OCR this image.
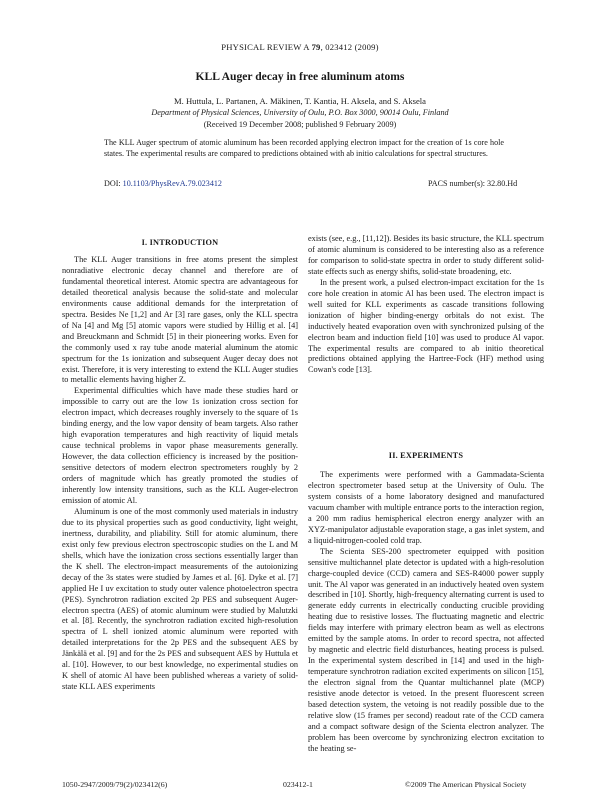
PHYSICAL REVIEW A 79, 023412 (2009)
KLL Auger decay in free aluminum atoms
M. Huttula, L. Partanen, A. Mäkinen, T. Kantia, H. Aksela, and S. Aksela
Department of Physical Sciences, University of Oulu, P.O. Box 3000, 90014 Oulu, Finland
(Received 19 December 2008; published 9 February 2009)
The KLL Auger spectrum of atomic aluminum has been recorded applying electron impact for the creation of 1s core hole states. The experimental results are compared to predictions obtained with ab initio calculations for spectral structures.
DOI: 10.1103/PhysRevA.79.023412	PACS number(s): 32.80.Hd
I. INTRODUCTION

The KLL Auger transitions in free atoms present the simplest nonradiative electronic decay channel and therefore are of fundamental theoretical interest. Atomic spectra are advantageous for detailed theoretical analysis because the solid-state and molecular environments cause additional demands for the interpretation of spectra. Besides Ne [1,2] and Ar [3] rare gases, only the KLL spectra of Na [4] and Mg [5] atomic vapors were studied by Hillig et al. [4] and Breuckmann and Schmidt [5] in their pioneering works. Even for the commonly used x ray tube anode material aluminum the atomic spectrum for the 1s ionization and subsequent Auger decay does not exist. Therefore, it is very interesting to extend the KLL Auger studies to metallic elements having higher Z.

Experimental difficulties which have made these studies hard or impossible to carry out are the low 1s ionization cross section for electron impact, which decreases roughly inversely to the square of 1s binding energy, and the low vapor density of beam targets. Also rather high evaporation temperatures and high reactivity of liquid metals cause technical problems in vapor phase measurements generally. However, the data collection efficiency is increased by the position-sensitive detectors of modern electron spectrometers roughly by 2 orders of magnitude which has greatly promoted the studies of inherently low intensity transitions, such as the KLL Auger-electron emission of atomic Al.

Aluminum is one of the most commonly used materials in industry due to its physical properties such as good conductivity, light weight, inertness, durability, and pliability. Still for atomic aluminum, there exist only few previous electron spectroscopic studies on the L and M shells, which have the ionization cross sections essentially larger than the K shell. The electron-impact measurements of the autoionizing decay of the 3s states were studied by James et al. [6]. Dyke et al. [7] applied He I uv excitation to study outer valence photoelectron spectra (PES). Synchrotron radiation excited 2p PES and subsequent Auger-electron spectra (AES) of atomic aluminum were studied by Malutzki et al. [8]. Recently, the synchrotron radiation excited high-resolution spectra of L shell ionized atomic aluminum were reported with detailed interpretations for the 2p PES and the subsequent AES by Jänkälä et al. [9] and for the 2s PES and subsequent AES by Huttula et al. [10]. However, to our best knowledge, no experimental studies on K shell of atomic Al have been published whereas a variety of solid-state KLL AES experiments

exists (see, e.g., [11,12]). Besides its basic structure, the KLL spectrum of atomic aluminum is considered to be interesting also as a reference for comparison to solid-state spectra in order to study different solid-state effects such as energy shifts, solid-state broadening, etc.

In the present work, a pulsed electron-impact excitation for the 1s core hole creation in atomic Al has been used. The electron impact is well suited for KLL experiments as cascade transitions following ionization of higher binding-energy orbitals do not exist. The inductively heated evaporation oven with synchronized pulsing of the electron beam and induction field [10] was used to produce Al vapor. The experimental results are compared to ab initio theoretical predictions obtained applying the Hartree-Fock (HF) method using Cowan's code [13].

II. EXPERIMENTS

The experiments were performed with a Gammadata-Scienta electron spectrometer based setup at the University of Oulu. The system consists of a home laboratory designed and manufactured vacuum chamber with multiple entrance ports to the interaction region, a 200 mm radius hemispherical electron energy analyzer with an XYZ-manipulator adjustable evaporation stage, a gas inlet system, and a liquid-nitrogen-cooled cold trap.

The Scienta SES-200 spectrometer equipped with position sensitive multichannel plate detector is updated with a high-resolution charge-coupled device (CCD) camera and SES-R4000 power supply unit. The Al vapor was generated in an inductively heated oven system described in [10]. Shortly, high-frequency alternating current is used to generate eddy currents in electrically conducting crucible providing heating due to resistive losses. The fluctuating magnetic and electric fields may interfere with primary electron beam as well as electrons emitted by the sample atoms. In order to record spectra, not affected by magnetic and electric field disturbances, heating process is pulsed. In the experimental system described in [14] and used in the high-temperature synchrotron radiation excited experiments on silicon [15], the electron signal from the Quantar multichannel plate (MCP) resistive anode detector is vetoed. In the present fluorescent screen based detection system, the vetoing is not readily possible due to the relative slow (15 frames per second) readout rate of the CCD camera and a compact software design of the Scienta electron analyzer. The problem has been overcome by synchronizing electron excitation to the heating se-

1050-2947/2009/79(2)/023412(6)	023412-1	©2009 The American Physical Society
